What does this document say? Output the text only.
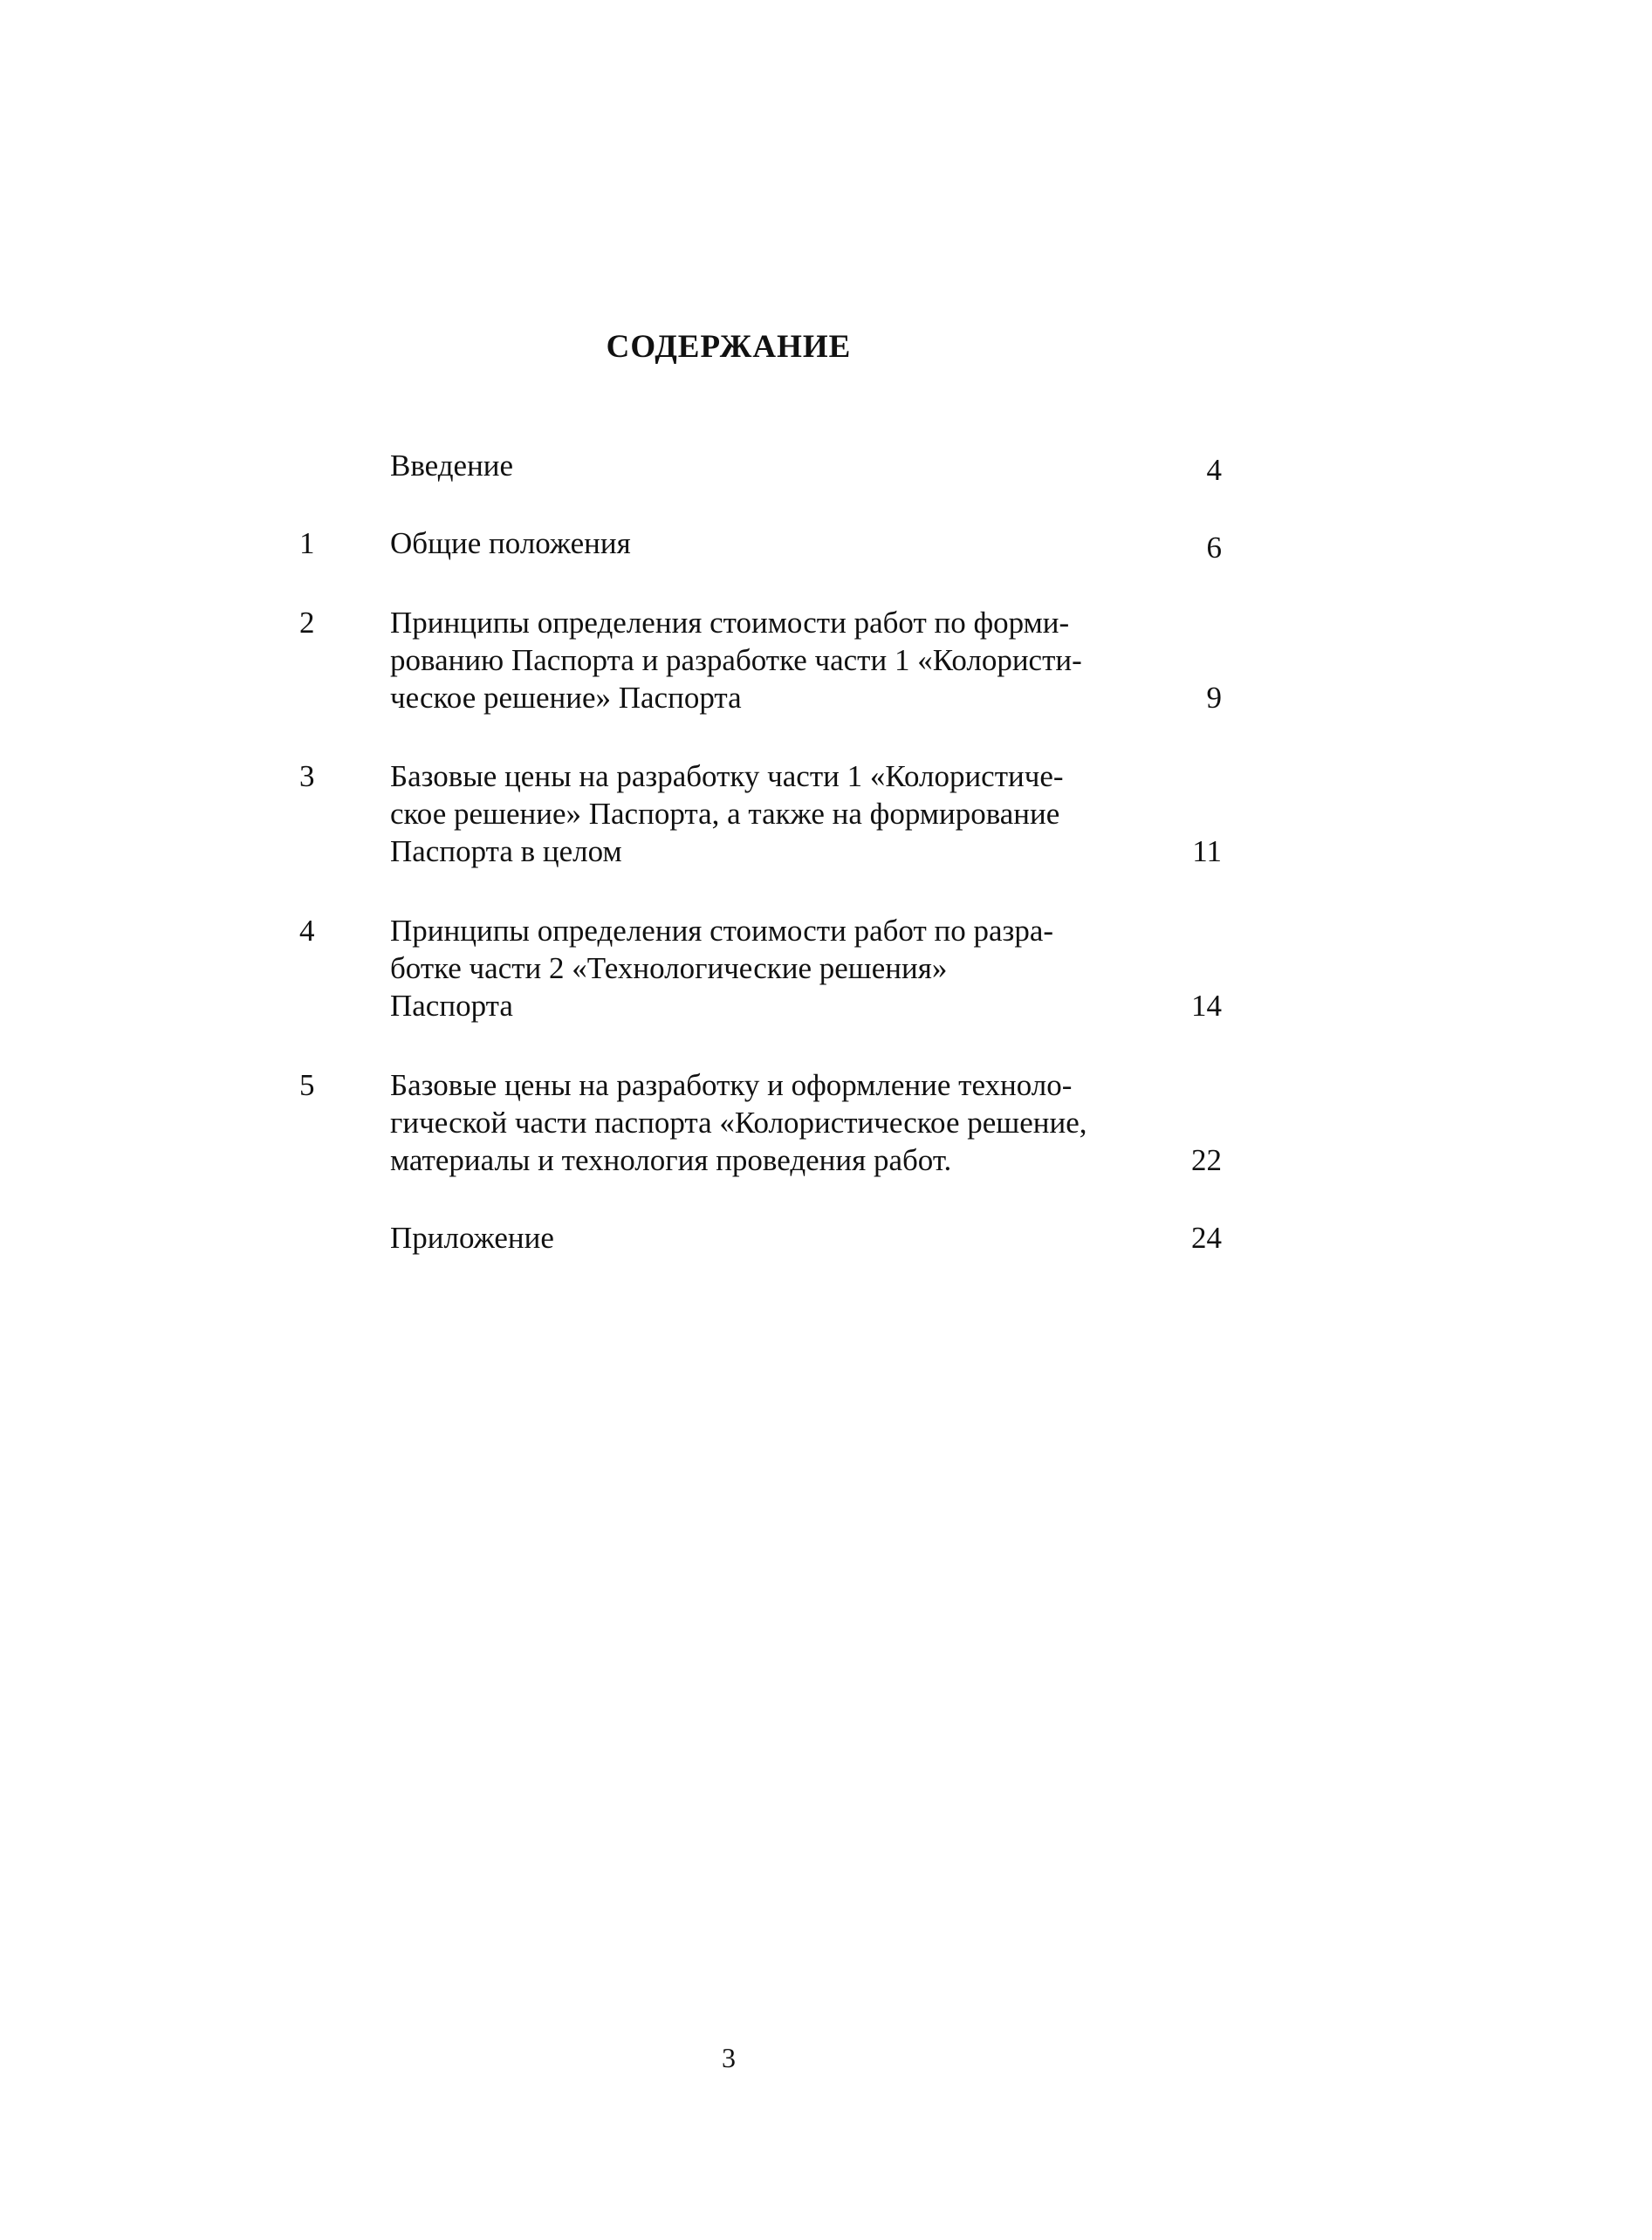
СОДЕРЖАНИЕ
Введение	4
1 Общие положения	6
2 Принципы определения стоимости работ по форми-
рованию Паспорта и разработке части 1 «Колористи-
ческое решение» Паспорта	9
3 Базовые цены на разработку части 1 «Колористиче-
ское решение» Паспорта, а также на формирование
Паспорта в целом	11
4 Принципы определения стоимости работ по разра-
ботке части 2 «Технологические решения»
Паспорта	14
5 Базовые цены на разработку и оформление техноло-
гической части паспорта «Колористическое решение,
материалы и технология проведения работ.	22
Приложение	24
3
